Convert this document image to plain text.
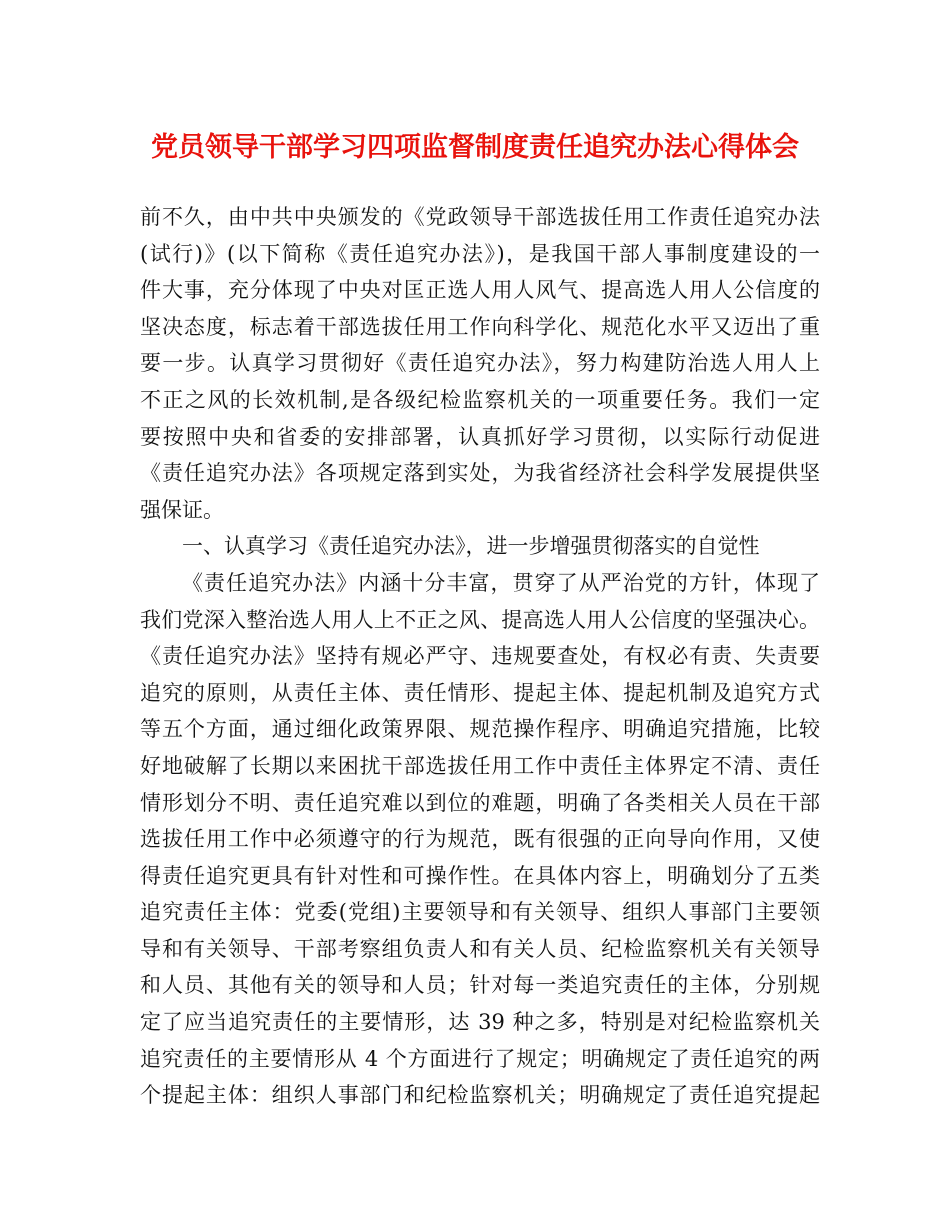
党员领导干部学习四项监督制度责任追究办法心得体会
前不久，由中共中央颁发的《党政领导干部选拔任用工作责任追究办法
(试行)》(以下简称《责任追究办法》)，是我国干部人事制度建设的一
件大事，充分体现了中央对匡正选人用人风气、提高选人用人公信度的
坚决态度，标志着干部选拔任用工作向科学化、规范化水平又迈出了重
要一步。认真学习贯彻好《责任追究办法》，努力构建防治选人用人上
不正之风的长效机制,是各级纪检监察机关的一项重要任务。我们一定
要按照中央和省委的安排部署，认真抓好学习贯彻，以实际行动促进
《责任追究办法》各项规定落到实处，为我省经济社会科学发展提供坚
强保证。
一、认真学习《责任追究办法》，进一步增强贯彻落实的自觉性
《责任追究办法》内涵十分丰富，贯穿了从严治党的方针，体现了
我们党深入整治选人用人上不正之风、提高选人用人公信度的坚强决心。
《责任追究办法》坚持有规必严守、违规要查处，有权必有责、失责要
追究的原则，从责任主体、责任情形、提起主体、提起机制及追究方式
等五个方面，通过细化政策界限、规范操作程序、明确追究措施，比较
好地破解了长期以来困扰干部选拔任用工作中责任主体界定不清、责任
情形划分不明、责任追究难以到位的难题，明确了各类相关人员在干部
选拔任用工作中必须遵守的行为规范，既有很强的正向导向作用，又使
得责任追究更具有针对性和可操作性。在具体内容上，明确划分了五类
追究责任主体：党委(党组)主要领导和有关领导、组织人事部门主要领
导和有关领导、干部考察组负责人和有关人员、纪检监察机关有关领导
和人员、其他有关的领导和人员；针对每一类追究责任的主体，分别规
定了应当追究责任的主要情形，达 39 种之多，特别是对纪检监察机关
追究责任的主要情形从 4 个方面进行了规定；明确规定了责任追究的两
个提起主体：组织人事部门和纪检监察机关；明确规定了责任追究提起
